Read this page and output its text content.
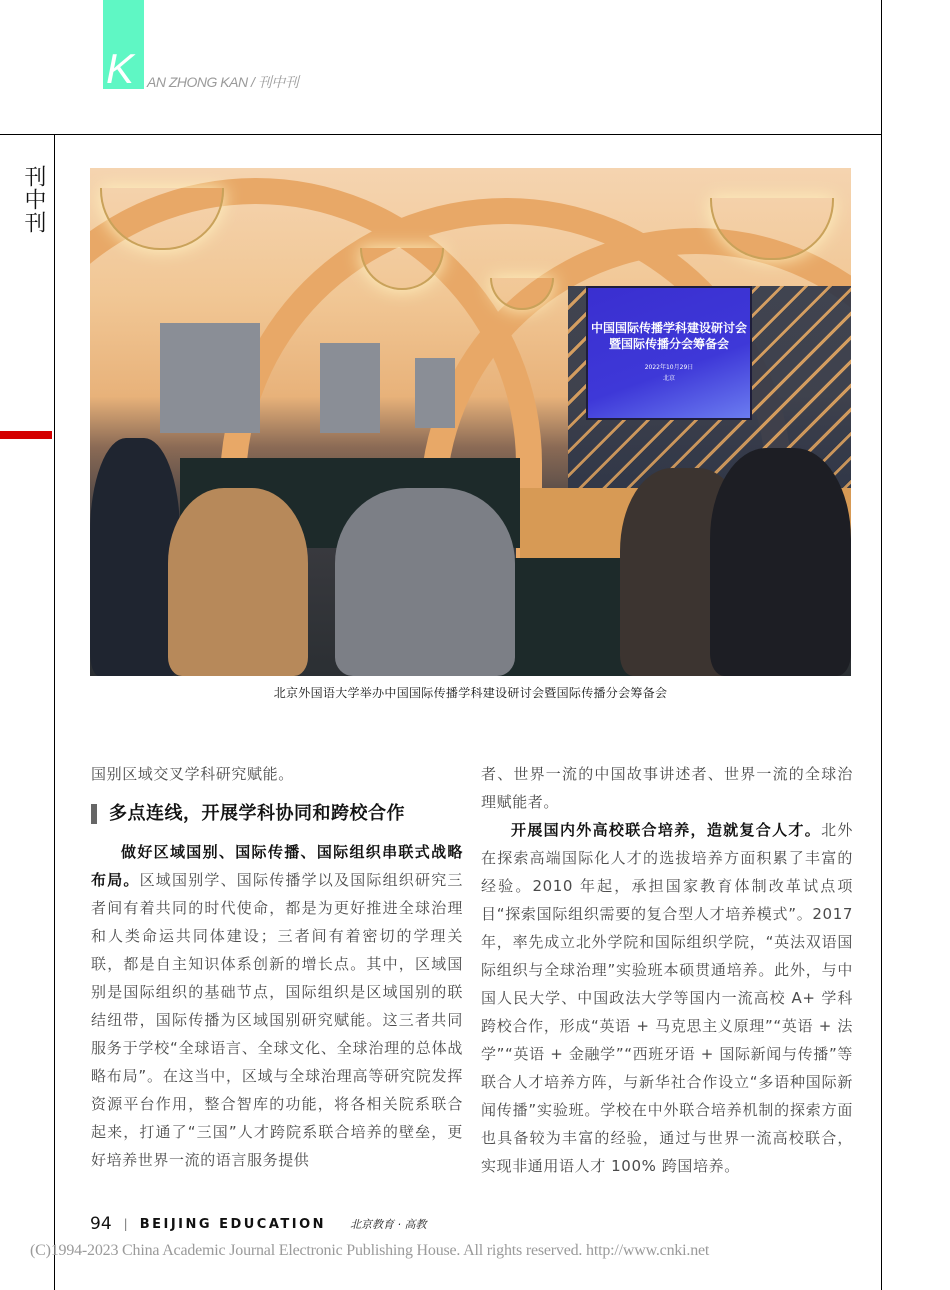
K AN ZHONG KAN / 刊中刊
刊中刊
中国国际传播学科建设研讨会
暨国际传播分会筹备会
2022年10月29日
北京
北京外国语大学举办中国国际传播学科建设研讨会暨国际传播分会筹备会

国别区域交叉学科研究赋能。

多点连线，开展学科协同和跨校合作

做好区域国别、国际传播、国际组织串联式战略布局。区域国别学、国际传播学以及国际组织研究三者间有着共同的时代使命，都是为更好推进全球治理和人类命运共同体建设；三者间有着密切的学理关联，都是自主知识体系创新的增长点。其中，区域国别是国际组织的基础节点，国际组织是区域国别的联结纽带，国际传播为区域国别研究赋能。这三者共同服务于学校“全球语言、全球文化、全球治理的总体战略布局”。在这当中，区域与全球治理高等研究院发挥资源平台作用，整合智库的功能，将各相关院系联合起来，打通了“三国”人才跨院系联合培养的壁垒，更好培养世界一流的语言服务提供

者、世界一流的中国故事讲述者、世界一流的全球治理赋能者。

开展国内外高校联合培养，造就复合人才。北外在探索高端国际化人才的选拔培养方面积累了丰富的经验。2010 年起，承担国家教育体制改革试点项目“探索国际组织需要的复合型人才培养模式”。2017 年，率先成立北外学院和国际组织学院，“英法双语国际组织与全球治理”实验班本硕贯通培养。此外，与中国人民大学、中国政法大学等国内一流高校 A+ 学科跨校合作，形成“英语 + 马克思主义原理”“英语 + 法学”“英语 + 金融学”“西班牙语 + 国际新闻与传播”等联合人才培养方阵，与新华社合作设立“多语种国际新闻传播”实验班。学校在中外联合培养机制的探索方面也具备较为丰富的经验，通过与世界一流高校联合，实现非通用语人才 100% 跨国培养。

94 | BEIJING EDUCATION 北京教育 · 高教
(C)1994-2023 China Academic Journal Electronic Publishing House. All rights reserved. http://www.cnki.net
